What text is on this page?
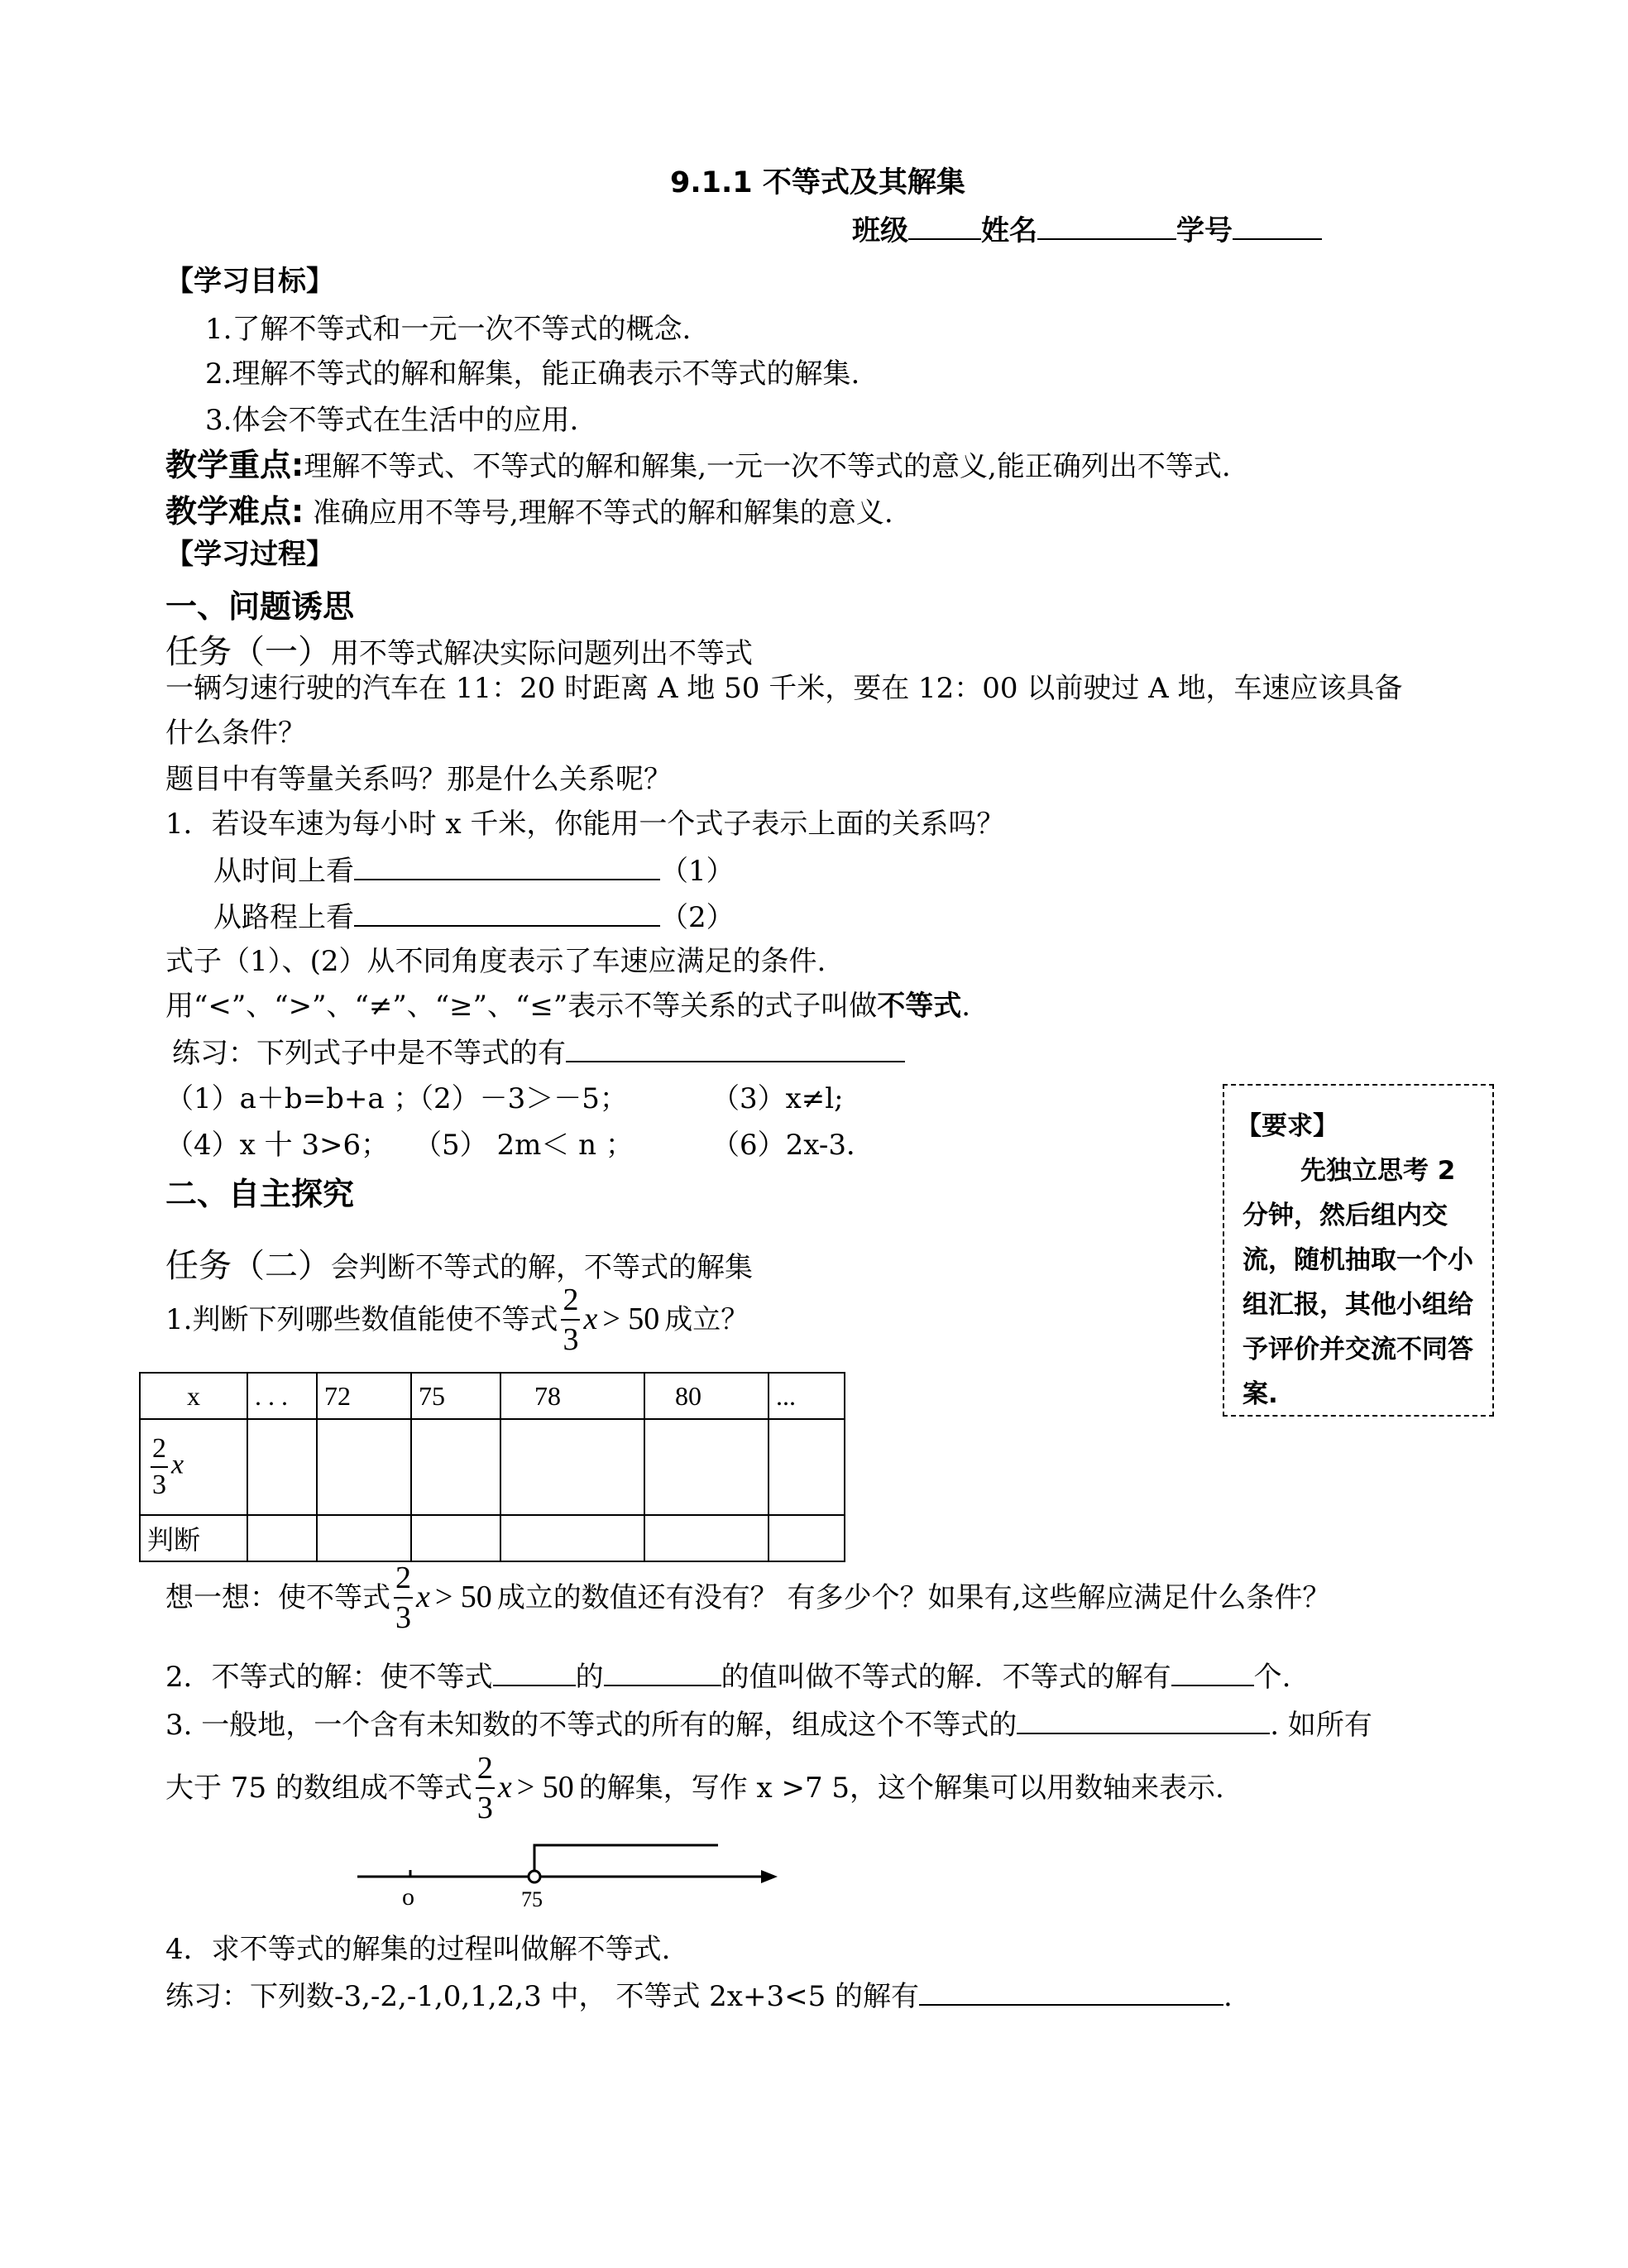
9.1.1 不等式及其解集
班级	姓名	学号
【学习目标】
1.了解不等式和一元一次不等式的概念.
2.理解不等式的解和解集，能正确表示不等式的解集.
3.体会不等式在生活中的应用.
教学重点:理解不等式、不等式的解和解集,一元一次不等式的意义,能正确列出不等式.
教学难点: 准确应用不等号,理解不等式的解和解集的意义.
【学习过程】
一、问题诱思
任务（一）用不等式解决实际问题列出不等式
一辆匀速行驶的汽车在 11：20 时距离 A 地 50 千米，要在 12：00 以前驶过 A 地，车速应该具备
什么条件？
题目中有等量关系吗？那是什么关系呢？
1．若设车速为每小时 x 千米，你能用一个式子表示上面的关系吗？
从时间上看	（1）
从路程上看	（2）
式子（1）、(2）从不同角度表示了车速应满足的条件.
用“<”、“>”、“≠”、“≥”、“≤”表示不等关系的式子叫做不等式.
练习：下列式子中是不等式的有
（1）a＋b=b+a ；
（2）－3＞－5；	（3）x≠l;
（4）x 十 3>6； （5） 2m＜ n ；	（6）2x-3．

【要求】

先独立思考 2 分钟，然后组内交流，随机抽取一个小组汇报，其他小组给予评价并交流不同答案.

二、自主探究
任务（二）会判断不等式的解，不等式的解集
1.判断下列哪些数值能使不等式 $\frac{2}{3}$ x > 50 成立？
x	. . .	72	75	78	80	...

$\frac{2}{3}$ x						
判断						
想一想：使不等式 $\frac{2}{3}$ x > 50 成立的数值还有没有？ 有多少个？如果有,这些解应满足什么条件？
2．不等式的解：使不等式	的	的值叫做不等式的解．不等式的解有	个.
3. 一般地，一个含有未知数的不等式的所有的解，组成这个不等式的	. 如所有
大于 75 的数组成不等式 $\frac{2}{3}$ x > 50 的解集，写作 x >7 5，这个解集可以用数轴来表示.
o	75
4．求不等式的解集的过程叫做解不等式.
练习：下列数-3,-2,-1,0,1,2,3 中， 不等式 2x+3<5 的解有	.
